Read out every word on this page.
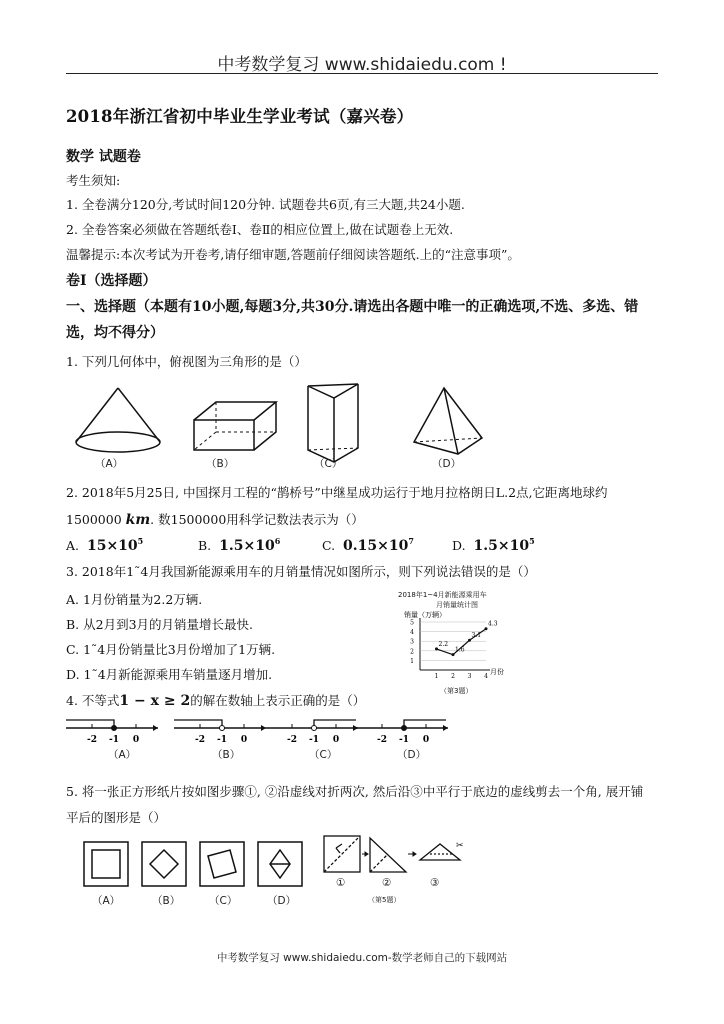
中考数学复习 www.shidaiedu.com !
2018年浙江省初中毕业生学业考试（嘉兴卷）
数学 试题卷
考生须知:
1. 全卷满分120分,考试时间120分钟. 试题卷共6页,有三大题,共24小题.
2. 全卷答案必须做在答题纸卷Ⅰ、卷Ⅱ的相应位置上,做在试题卷上无效.
温馨提示:本次考试为开卷考,请仔细审题,答题前仔细阅读答题纸.上的“注意事项”。
卷Ⅰ（选择题）
一、选择题（本题有10小题,每题3分,共30分.请选出各题中唯一的正确选项,不选、多选、错
选，均不得分）
1. 下列几何体中，俯视图为三角形的是（）
（A）	（B）	（C）	（D）
2. 2018年5月25日, 中国探月工程的“鹊桥号”中继星成功运行于地月拉格朗日L.2点,它距离地球约
1500000 km. 数1500000用科学记数法表示为（）
A. $15\times 10^5$	B. $1.5\times 10^6$	C. $0.15\times 10^7$	D. $1.5\times 10^5$
3. 2018年1˜4月我国新能源乘用车的月销量情况如图所示，则下列说法错误的是（）
A. 1月份销量为2.2万辆.
B. 从2月到3月的月销量增长最快.
C. 1˜4月份销量比3月份增加了1万辆.
D. 1˜4月新能源乘用车销量逐月增加.
2018年1~4月新能源乘用车
月销量统计图
销量（万辆）
月份
1
2
3
4
5
1 2 3 4
2.2
1.6
3.1
4.3
（第3题）
4. 不等式1 − x ≥ 2的解在数轴上表示正确的是（）
-2 -1 0	-2 -1 0	-2 -1 0	-2 -1 0
（A）	（B）	（C）	（D）
5. 将一张正方形纸片按如图步骤①, ②沿虚线对折两次, 然后沿③中平行于底边的虚线剪去一个角, 展开铺
平后的图形是（）
✂
（A）	（B）	（C）	（D）
①	②	③
（第5题）
中考数学复习 www.shidaiedu.com-数学老师自己的下载网站
